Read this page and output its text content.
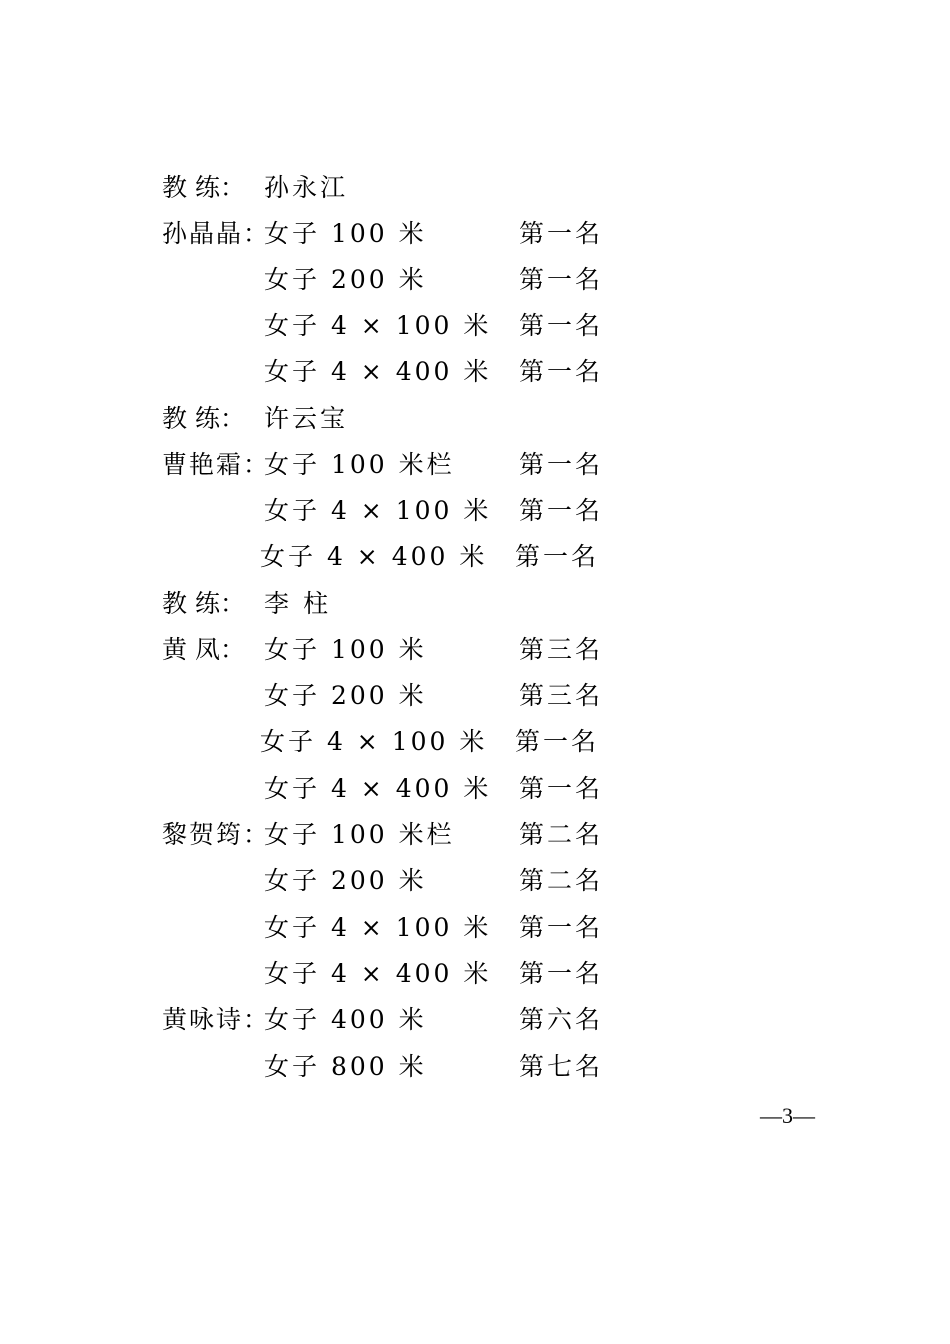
教 练： 孙永江
孙晶晶：
女子 100 米	第一名
女子 200 米	第一名
女子 4 × 100 米 第一名
女子 4 × 400 米 第一名
教 练： 许云宝
曹艳霜：
女子 100 米栏	第一名
女子 4 × 100 米 第一名
女子 4 × 400 米 第一名
教 练： 李 柱
黄 凤： 女子 100 米	第三名
女子 200 米	第三名
女子 4 × 100 米 第一名
女子 4 × 400 米 第一名
黎贺筠：
女子 100 米栏	第二名
女子 200 米	第二名
女子 4 × 100 米 第一名
女子 4 × 400 米 第一名
黄咏诗：
女子 400 米	第六名
女子 800 米	第七名
—3—
